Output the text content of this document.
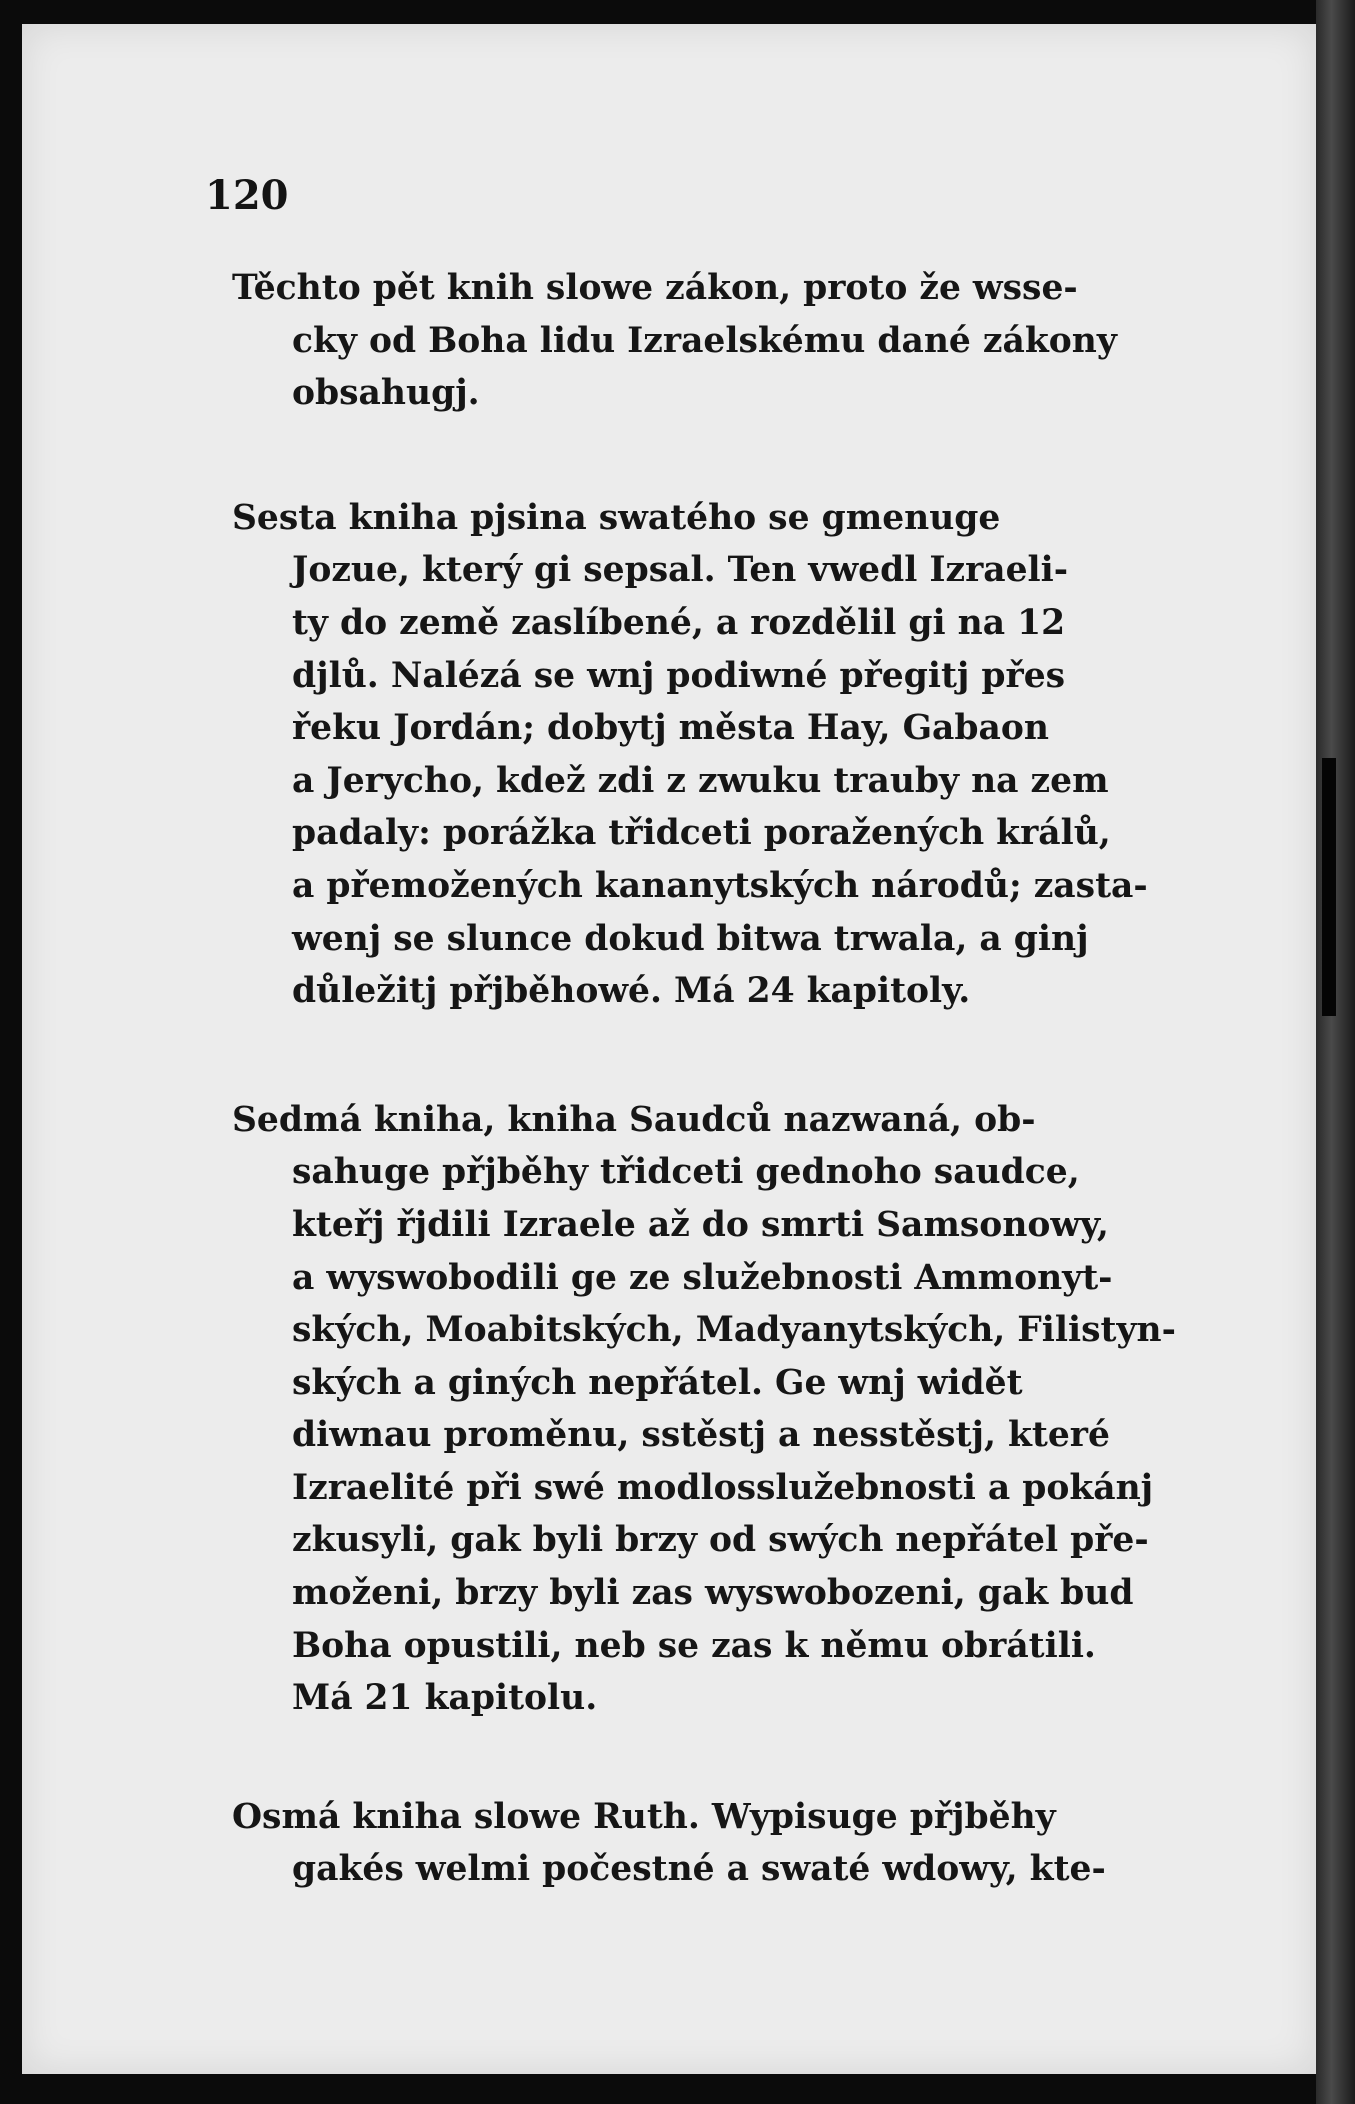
120
Těchto pět knih slowe zákon, proto že wsse-
cky od Boha lidu Izraelskému dané zákony
obsahugj.
Sesta kniha pjsina swatého se gmenuge
Jozue, který gi sepsal. Ten vwedl Izraeli-
ty do země zaslíbené, a rozdělil gi na 12
djlů. Nalézá se wnj podiwné přegitj přes
řeku Jordán; dobytj města Hay, Gabaon
a Jerycho, kdež zdi z zwuku trauby na zem
padaly: porážka třidceti poražených králů,
a přemožených kananytských národů; zasta-
wenj se slunce dokud bitwa trwala, a ginj
důležitj přjběhowé. Má 24 kapitoly.
Sedmá kniha, kniha Saudců nazwaná, ob-
sahuge přjběhy třidceti gednoho saudce,
kteřj řjdili Izraele až do smrti Samsonowy,
a wyswobodili ge ze služebnosti Ammonyt-
ských, Moabitských, Madyanytských, Filistyn-
ských a giných nepřátel. Ge wnj widět
diwnau proměnu, sstěstj a nesstěstj, které
Izraelité při swé modlosslužebnosti a pokánj
zkusyli, gak byli brzy od swých nepřátel pře-
moženi, brzy byli zas wyswobozeni, gak bud
Boha opustili, neb se zas k němu obrátili.
Má 21 kapitolu.
Osmá kniha slowe Ruth. Wypisuge přjběhy
gakés welmi počestné a swaté wdowy, kte-
